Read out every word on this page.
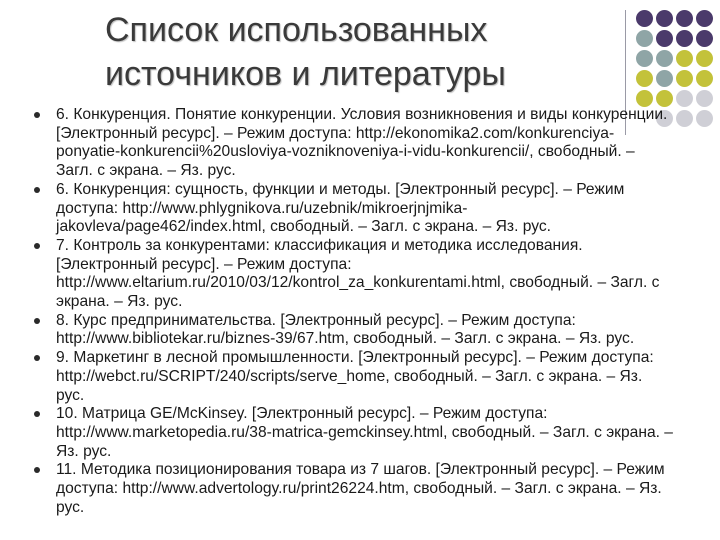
Список использованных
источников и литературы
6. Конкуренция. Понятие конкуренции. Условия возникновения и виды конкуренции. [Электронный ресурс]. – Режим доступа: http://ekonomika2.com/konkurenciya-ponyatie-konkurencii%20usloviya-vozniknoveniya-i-vidu-konkurencii/, свободный. – Загл. с экрана. – Яз. рус.
6. Конкуренция: сущность, функции и методы. [Электронный ресурс]. – Режим доступа: http://www.phlygnikova.ru/uzebnik/mikroerjnjmika-jakovleva/page462/index.html, свободный. – Загл. с экрана. – Яз. рус.
7. Контроль за конкурентами: классификация и методика исследования. [Электронный ресурс]. – Режим доступа: http://www.eltarium.ru/2010/03/12/kontrol_za_konkurentami.html, свободный. – Загл. с экрана. – Яз. рус.
8. Курс предпринимательства. [Электронный ресурс]. – Режим доступа: http://www.bibliotekar.ru/biznes-39/67.htm, свободный. – Загл. с экрана. – Яз. рус.
9. Маркетинг в лесной промышленности. [Электронный ресурс]. – Режим доступа: http://webct.ru/SCRIPT/240/scripts/serve_home, свободный. – Загл. с экрана. – Яз. рус.
10. Матрица GE/McKinsey. [Электронный ресурс]. – Режим доступа: http://www.marketopedia.ru/38-matrica-gemckinsey.html, свободный. – Загл. с экрана. – Яз. рус.
11. Методика позиционирования товара из 7 шагов. [Электронный ресурс]. – Режим доступа: http://www.advertology.ru/print26224.htm, свободный. – Загл. с экрана. – Яз. рус.
